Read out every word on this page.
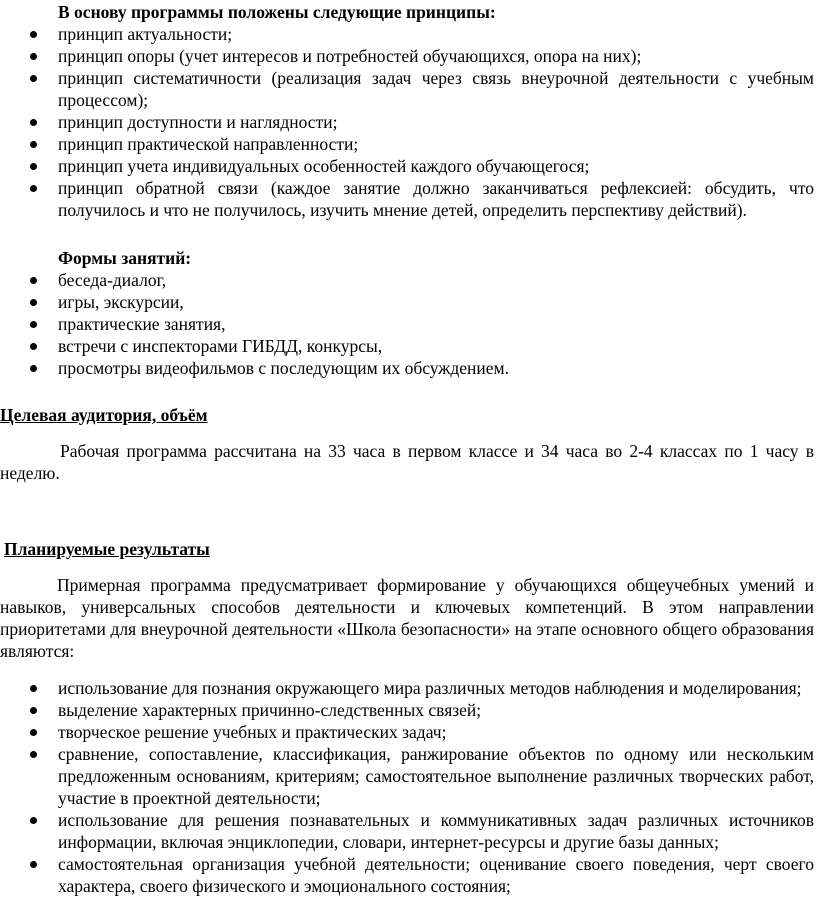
В основу программы положены следующие принципы:

принцип актуальности;
принцип опоры (учет интересов и потребностей обучающихся, опора на них);
принцип систематичности (реализация задач через связь внеурочной деятельности с учебным процессом);
принцип доступности и наглядности;
принцип практической направленности;
принцип учета индивидуальных особенностей каждого обучающегося;
принцип обратной связи (каждое занятие должно заканчиваться рефлексией: обсудить, что получилось и что не получилось, изучить мнение детей, определить перспективу действий).

Формы занятий:

беседа-диалог,
игры, экскурсии,
практические занятия,
встречи с инспекторами ГИБДД, конкурсы,
просмотры видеофильмов с последующим их обсуждением.

Целевая аудитория, объём

Рабочая программа рассчитана на 33 часа в первом классе и 34 часа во 2-4 классах по 1 часу в неделю.

Планируемые результаты

Примерная программа предусматривает формирование у обучающихся общеучебных умений и навыков, универсальных способов деятельности и ключевых компетенций. В этом направлении приоритетами для внеурочной деятельности «Школа безопасности» на этапе основного общего образования являются:

использование для познания окружающего мира различных методов наблюдения и моделирования;
выделение характерных причинно-следственных связей;
творческое решение учебных и практических задач;
сравнение, сопоставление, классификация, ранжирование объектов по одному или нескольким предложенным основаниям, критериям; самостоятельное выполнение различных творческих работ, участие в проектной деятельности;
использование для решения познавательных и коммуникативных задач различных источников информации, включая энциклопедии, словари, интернет-ресурсы и другие базы данных;
самостоятельная организация учебной деятельности; оценивание своего поведения, черт своего характера, своего физического и эмоционального состояния;
